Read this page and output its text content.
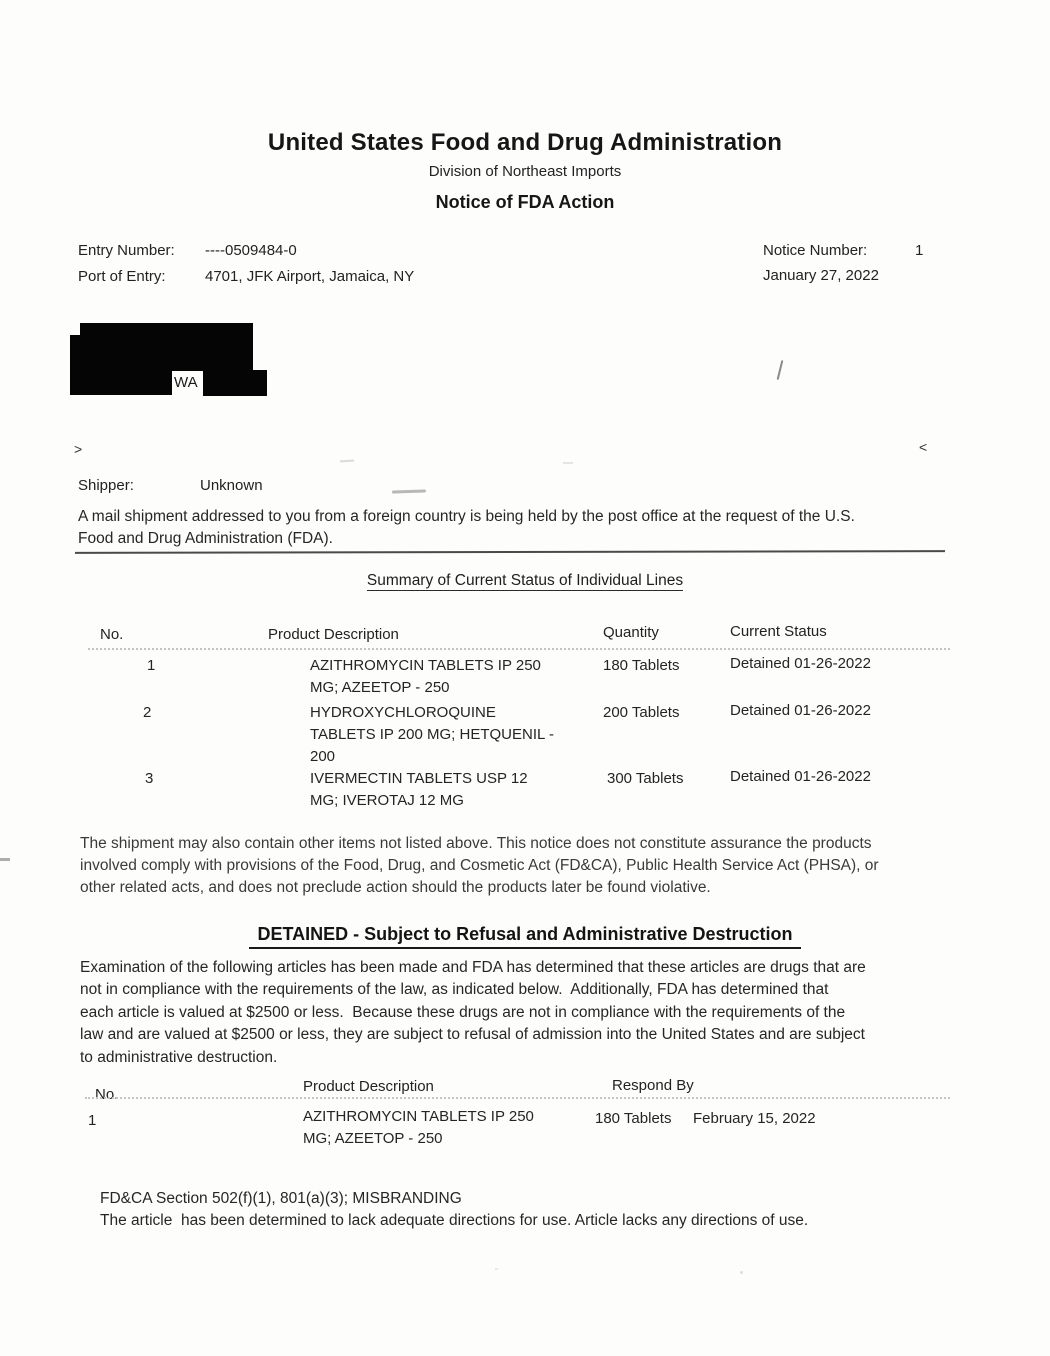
United States Food and Drug Administration
Division of Northeast Imports
Notice of FDA Action
Entry Number:	----0509484-0
Port of Entry:	4701, JFK Airport, Jamaica, NY
Notice Number:	1
January 27, 2022
WA
>	<
Shipper:	Unknown
A mail shipment addressed to you from a foreign country is being held by the post office at the request of the U.S.
Food and Drug Administration (FDA).
Summary of Current Status of Individual Lines
No.	Product Description	Quantity	Current Status
1	AZITHROMYCIN TABLETS IP 250
MG; AZEETOP - 250
180 Tablets	Detained 01-26-2022
2	HYDROXYCHLOROQUINE
TABLETS IP 200 MG; HETQUENIL -
200
200 Tablets	Detained 01-26-2022
3	IVERMECTIN TABLETS USP 12
MG; IVEROTAJ 12 MG
300 Tablets	Detained 01-26-2022
The shipment may also contain other items not listed above. This notice does not constitute assurance the products
involved comply with provisions of the Food, Drug, and Cosmetic Act (FD&CA), Public Health Service Act (PHSA), or
other related acts, and does not preclude action should the products later be found violative.
DETAINED - Subject to Refusal and Administrative Destruction
Examination of the following articles has been made and FDA has determined that these articles are drugs that are
not in compliance with the requirements of the law, as indicated below.  Additionally, FDA has determined that
each article is valued at $2500 or less.  Because these drugs are not in compliance with the requirements of the
law and are valued at $2500 or less, they are subject to refusal of admission into the United States and are subject
to administrative destruction.
No.	Product Description	Respond By
1	AZITHROMYCIN TABLETS IP 250
MG; AZEETOP - 250
180 Tablets February 15, 2022
FD&CA Section 502(f)(1), 801(a)(3); MISBRANDING
The article  has been determined to lack adequate directions for use. Article lacks any directions of use.
